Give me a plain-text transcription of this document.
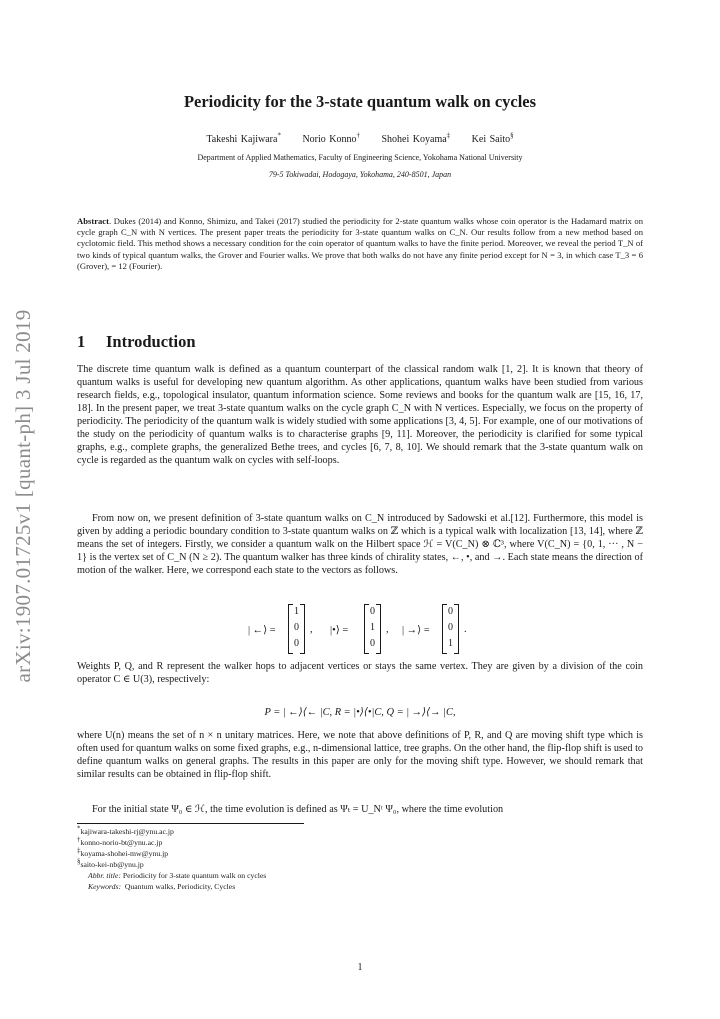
arXiv:1907.01725v1 [quant-ph] 3 Jul 2019
Periodicity for the 3-state quantum walk on cycles
Takeshi Kajiwara* Norio Konno† Shohei Koyama‡ Kei Saito§
Department of Applied Mathematics, Faculty of Engineering Science, Yokohama National University
79-5 Tokiwadai, Hodogaya, Yokohama, 240-8501, Japan
Abstract. Dukes (2014) and Konno, Shimizu, and Takei (2017) studied the periodicity for 2-state quantum walks whose coin operator is the Hadamard matrix on cycle graph C_N with N vertices. The present paper treats the periodicity for 3-state quantum walks on C_N. Our results follow from a new method based on cyclotomic field. This method shows a necessary condition for the coin operator of quantum walks to have the finite period. Moreover, we reveal the period T_N of two kinds of typical quantum walks, the Grover and Fourier walks. We prove that both walks do not have any finite period except for N = 3, in which case T_3 = 6 (Grover), = 12 (Fourier).
1 Introduction
The discrete time quantum walk is defined as a quantum counterpart of the classical random walk [1, 2]. It is known that theory of quantum walks is useful for developing new quantum algorithm. As other applications, quantum walks have been studied from various research fields, e.g., topological insulator, quantum information science. Some reviews and books for the quantum walk are [15, 16, 17, 18]. In the present paper, we treat 3-state quantum walks on the cycle graph C_N with N vertices. Especially, we focus on the property of periodicity. The periodicity of the quantum walk is widely studied with some applications [3, 4, 5]. For example, one of our motivations of the study on the periodicity of quantum walks is to characterise graphs [9, 11]. Moreover, the periodicity is clarified for some typical graphs, e.g., complete graphs, the generalized Bethe trees, and cycles [6, 7, 8, 10]. We should remark that the 3-state quantum walk on cycle is regarded as the quantum walk on cycles with self-loops.
From now on, we present definition of 3-state quantum walks on C_N introduced by Sadowski et al.[12]. Furthermore, this model is given by adding a periodic boundary condition to 3-state quantum walks on ℤ which is a typical walk with localization [13, 14], where ℤ means the set of integers. Firstly, we consider a quantum walk on the Hilbert space ℋ = V(C_N) ⊗ ℂ³, where V(C_N) = {0, 1, ··· , N − 1} is the vertex set of C_N (N ≥ 2). The quantum walker has three kinds of chirality states, ←, •, and →. Each state means the direction of motion of the walker. Here, we correspond each state to the vectors as follows.
| ←⟩ =
1
0
0
, |•⟩ =
0
1
0
, | →⟩ =
0
0
1
.
Weights P, Q, and R represent the walker hops to adjacent vertices or stays the same vertex. They are given by a division of the coin operator C ∈ U(3), respectively:
P = | ←⟩⟨← |C, R = |•⟩⟨•|C, Q = | →⟩⟨→ |C,
where U(n) means the set of n × n unitary matrices. Here, we note that above definitions of P, R, and Q are moving shift type which is often used for quantum walks on some fixed graphs, e.g., n-dimensional lattice, tree graphs. On the other hand, the flip-flop shift is used to define quantum walks on general graphs. The results in this paper are only for the moving shift type. However, we should remark that similar results can be obtained in flip-flop shift.
For the initial state Ψ₀ ∈ ℋ, the time evolution is defined as Ψₜ = U_Nᵗ Ψ₀, where the time evolution
*kajiwara-takeshi-rj@ynu.ac.jp
†konno-norio-bt@ynu.ac.jp
‡koyama-shohei-mw@ynu.jp
§saito-kei-nb@ynu.jp
Abbr. title: Periodicity for 3-state quantum walk on cycles
Keywords: Quantum walks, Periodicity, Cycles
1
